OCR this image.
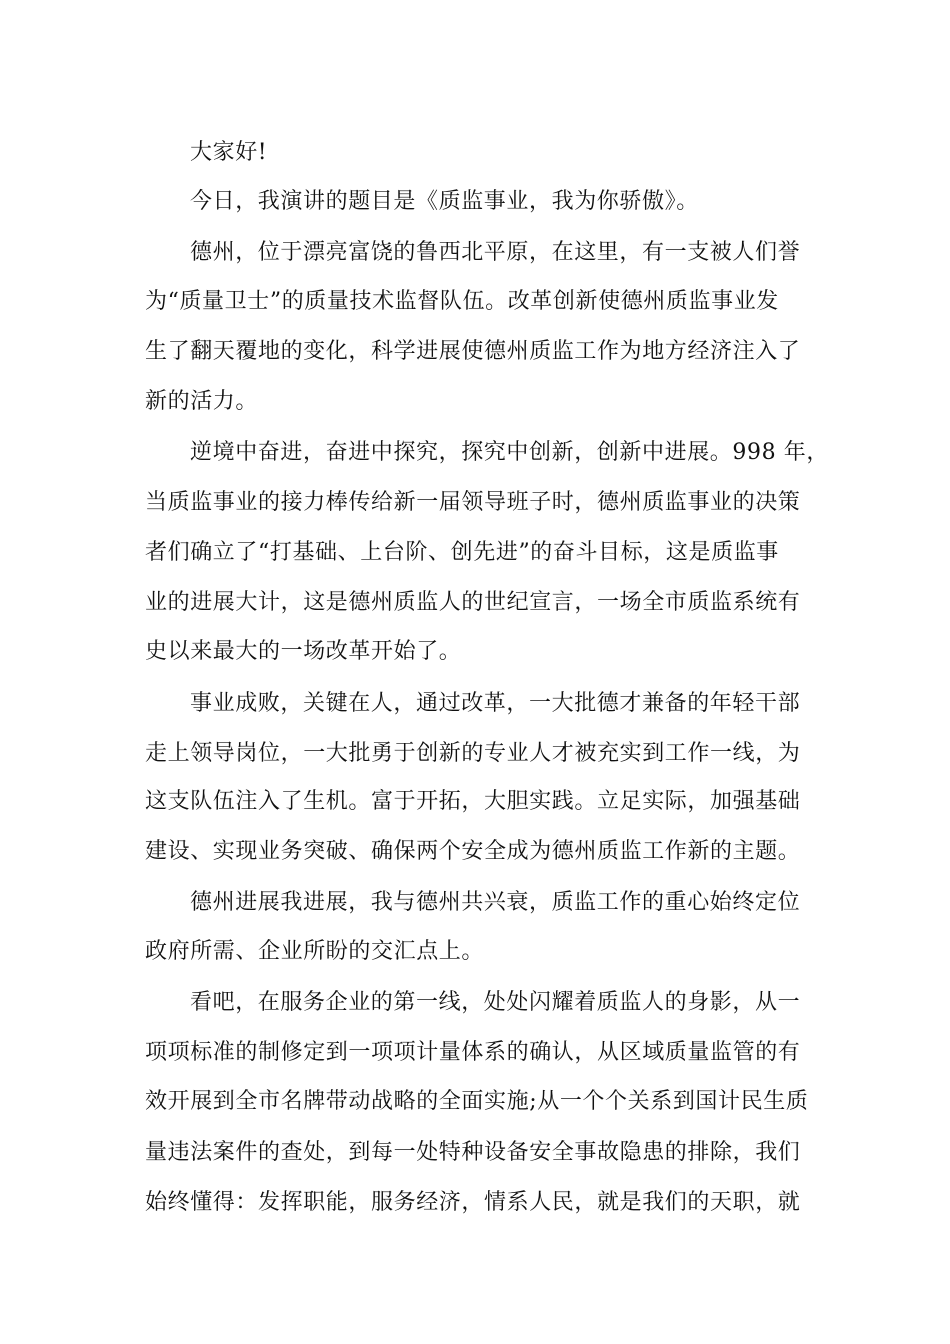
大家好!
今日，我演讲的题目是《质监事业，我为你骄傲》。
德州，位于漂亮富饶的鲁西北平原，在这里，有一支被人们誉
为“质量卫士”的质量技术监督队伍。改革创新使德州质监事业发
生了翻天覆地的变化，科学进展使德州质监工作为地方经济注入了
新的活力。
逆境中奋进，奋进中探究，探究中创新，创新中进展。998 年，
当质监事业的接力棒传给新一届领导班子时，德州质监事业的决策
者们确立了“打基础、上台阶、创先进”的奋斗目标，这是质监事
业的进展大计，这是德州质监人的世纪宣言，一场全市质监系统有
史以来最大的一场改革开始了。
事业成败，关键在人，通过改革，一大批德才兼备的年轻干部
走上领导岗位，一大批勇于创新的专业人才被充实到工作一线，为
这支队伍注入了生机。富于开拓，大胆实践。立足实际，加强基础
建设、实现业务突破、确保两个安全成为德州质监工作新的主题。
德州进展我进展，我与德州共兴衰，质监工作的重心始终定位
政府所需、企业所盼的交汇点上。
看吧，在服务企业的第一线，处处闪耀着质监人的身影，从一
项项标准的制修定到一项项计量体系的确认，从区域质量监管的有
效开展到全市名牌带动战略的全面实施;从一个个关系到国计民生质
量违法案件的查处，到每一处特种设备安全事故隐患的排除，我们
始终懂得：发挥职能，服务经济，情系人民，就是我们的天职，就
